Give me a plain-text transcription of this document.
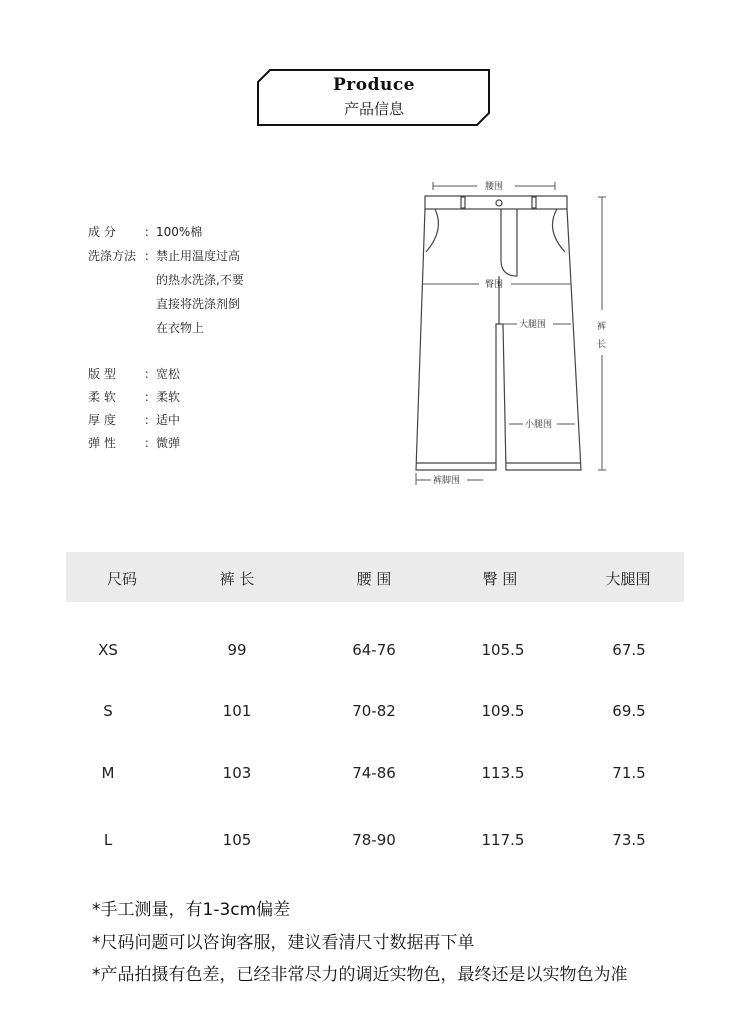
Produce
产品信息
成 分	： 100%棉
洗涤方法 ： 禁止用温度过高
的热水洗涤,不要
直接将洗涤剂倒
在衣物上
版 型	： 宽松
柔 软	： 柔软
厚 度	： 适中
弹 性	： 微弹
腰围
臀围
大腿围
小腿围
裤脚围
裤
长
尺码	裤 长	腰 围	臀 围	大腿围
XS	99	64-76	105.5	67.5
S	101	70-82	109.5	69.5
M	103	74-86	113.5	71.5
L	105	78-90	117.5	73.5
*手工测量，有1-3cm偏差
*尺码问题可以咨询客服，建议看清尺寸数据再下单
*产品拍摄有色差，已经非常尽力的调近实物色，最终还是以实物色为准
